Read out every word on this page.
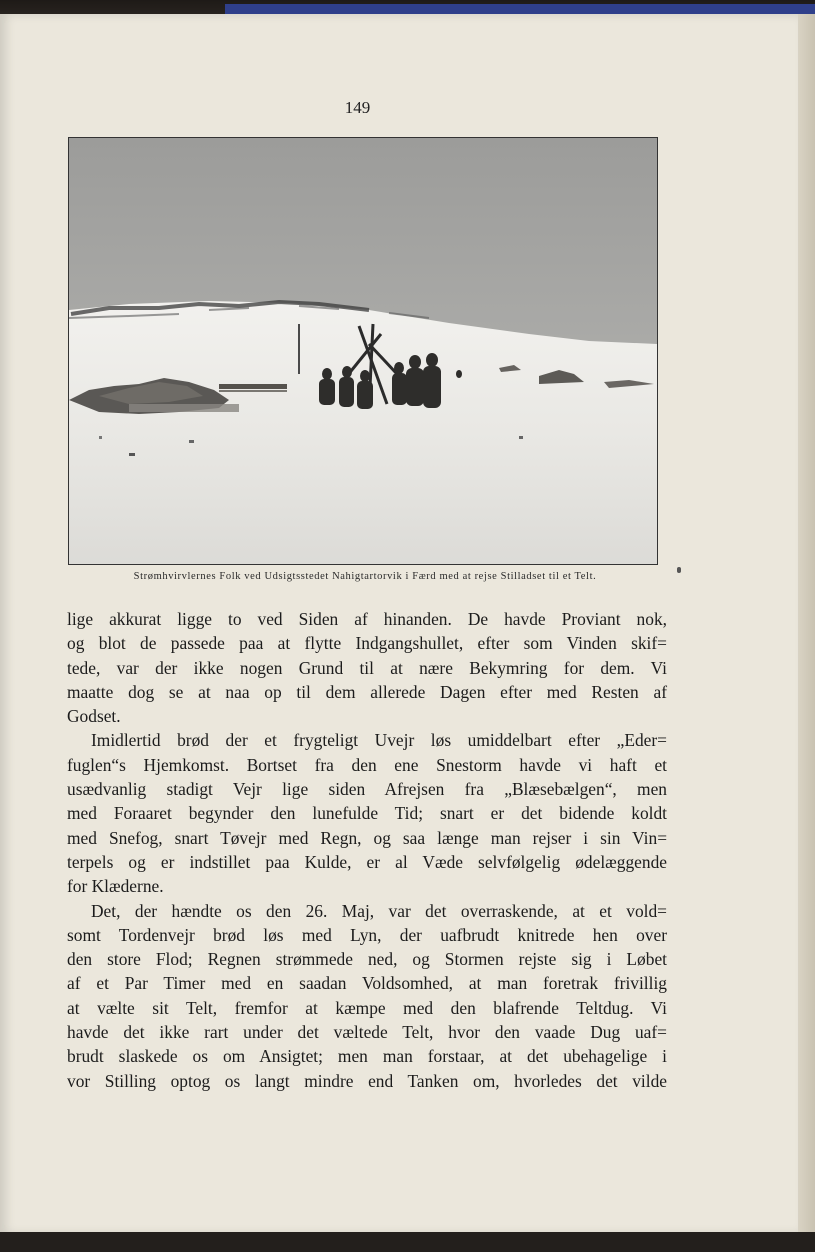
149
Strømhvirvlernes Folk ved Udsigtsstedet Nahigtartorvik i Færd med at rejse Stilladset til et Telt.
lige akkurat ligge to ved Siden af hinanden. De havde Proviant nok,
og blot de passede paa at flytte Indgangshullet, efter som Vinden skif=
tede, var der ikke nogen Grund til at nære Bekymring for dem. Vi
maatte dog se at naa op til dem allerede Dagen efter med Resten af
Godset.
Imidlertid brød der et frygteligt Uvejr løs umiddelbart efter „Eder=
fuglen“s Hjemkomst. Bortset fra den ene Snestorm havde vi haft et
usædvanlig stadigt Vejr lige siden Afrejsen fra „Blæsebælgen“, men
med Foraaret begynder den lunefulde Tid; snart er det bidende koldt
med Snefog, snart Tøvejr med Regn, og saa længe man rejser i sin Vin=
terpels og er indstillet paa Kulde, er al Væde selvfølgelig ødelæggende
for Klæderne.
Det, der hændte os den 26. Maj, var det overraskende, at et vold=
somt Tordenvejr brød løs med Lyn, der uafbrudt knitrede hen over
den store Flod; Regnen strømmede ned, og Stormen rejste sig i Løbet
af et Par Timer med en saadan Voldsomhed, at man foretrak frivillig
at vælte sit Telt, fremfor at kæmpe med den blafrende Teltdug. Vi
havde det ikke rart under det væltede Telt, hvor den vaade Dug uaf=
brudt slaskede os om Ansigtet; men man forstaar, at det ubehagelige i
vor Stilling optog os langt mindre end Tanken om, hvorledes det vilde
